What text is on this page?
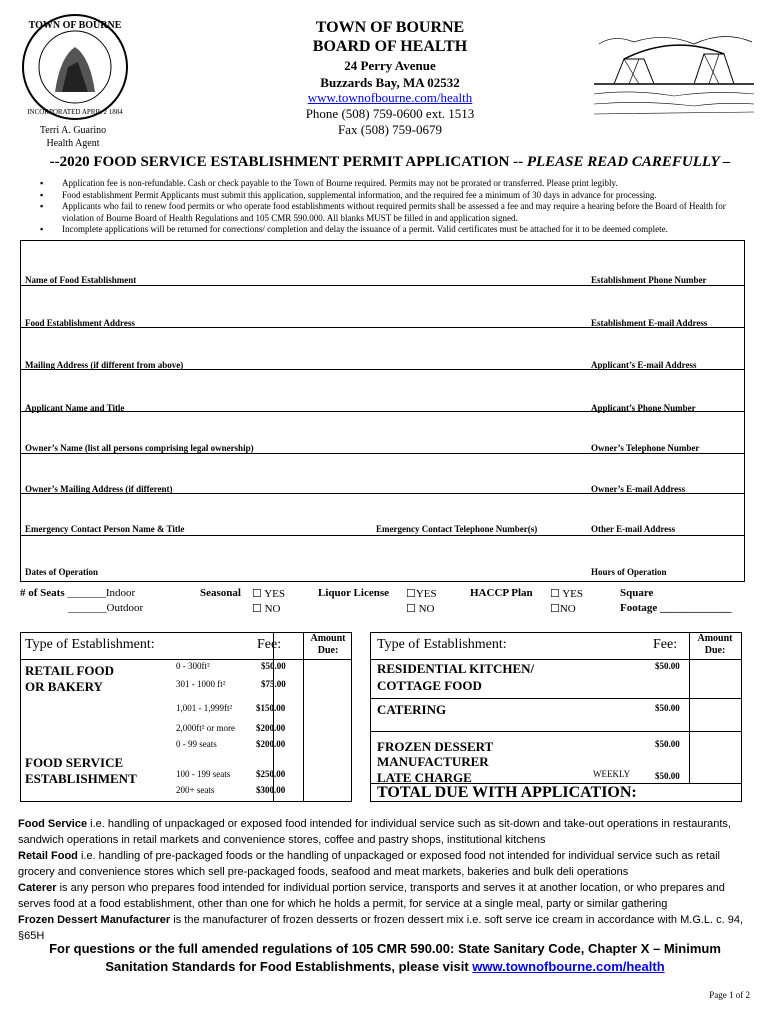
TOWN OF BOURNE
INCORPORATED APRIL 2 1884
TOWN OF BOURNE
BOARD OF HEALTH
24 Perry Avenue
Buzzards Bay, MA 02532
www.townofbourne.com/health
Phone (508) 759-0600 ext. 1513
Fax (508) 759-0679
Terri A. Guarino
Health Agent
--2020 FOOD SERVICE ESTABLISHMENT PERMIT APPLICATION -- PLEASE READ CAREFULLY –
▪ Application fee is non-refundable. Cash or check payable to the Town of Bourne required. Permits may not be prorated or transferred. Please print legibly.
▪ Food establishment Permit Applicants must submit this application, supplemental information, and the required fee a minimum of 30 days in advance for processing.
▪ Applicants who fail to renew food permits or who operate food establishments without required permits shall be assessed a fee and may require a hearing before the Board of Health for violation of Bourne Board of Health Regulations and 105 CMR 590.000. All blanks MUST be filled in and application signed.
▪ Incomplete applications will be returned for corrections/ completion and delay the issuance of a permit. Valid certificates must be attached for it to be deemed complete.
Name of Food Establishment	Establishment Phone Number
Food Establishment Address	Establishment E-mail Address
Mailing Address (if different from above)	Applicant’s E-mail Address
Applicant Name and Title	Applicant’s Phone Number
Owner’s Name (list all persons comprising legal ownership)	Owner’s Telephone Number
Owner’s Mailing Address (if different)	Owner’s E-mail Address
Emergency Contact Person Name & Title	Emergency Contact Telephone Number(s)	Other E-mail Address
Dates of Operation	Hours of Operation
# of Seats _______Indoor
_______Outdoor
Seasonal ☐ YES
☐ NO
Liquor License ☐YES
☐ NO
HACCP Plan ☐ YES
☐NO
Square
Footage _____________
Type of Establishment:	Fee:	Amount Due:
RETAIL FOOD
OR BAKERY
0 - 300ft²	$50.00
301 - 1000 ft²	$75.00
1,001 - 1,999ft²	$150.00
2,000ft² or more $200.00
FOOD SERVICE
ESTABLISHMENT
0 - 99 seats	$200.00
100 - 199 seats	$250.00
200+ seats	$300.00
Type of Establishment:	Fee:	Amount Due:
RESIDENTIAL KITCHEN/
COTTAGE FOOD
$50.00
CATERING	$50.00
FROZEN DESSERT
MANUFACTURER
$50.00
LATE CHARGE	WEEKLY	$50.00
TOTAL DUE WITH APPLICATION:
Food Service i.e. handling of unpackaged or exposed food intended for individual service such as sit-down and take-out operations in restaurants, sandwich operations in retail markets and convenience stores, coffee and pastry shops, institutional kitchens
Retail Food i.e. handling of pre-packaged foods or the handling of unpackaged or exposed food not intended for individual service such as retail grocery and convenience stores which sell pre-packaged foods, seafood and meat markets, bakeries and bulk deli operations
Caterer is any person who prepares food intended for individual portion service, transports and serves it at another location, or who prepares and serves food at a food establishment, other than one for which he holds a permit, for service at a single meal, party or similar gathering
Frozen Dessert Manufacturer is the manufacturer of frozen desserts or frozen dessert mix i.e. soft serve ice cream in accordance with M.G.L. c. 94, §65H
For questions or the full amended regulations of 105 CMR 590.00: State Sanitary Code, Chapter X – Minimum Sanitation Standards for Food Establishments, please visit www.townofbourne.com/health
Page 1 of 2
